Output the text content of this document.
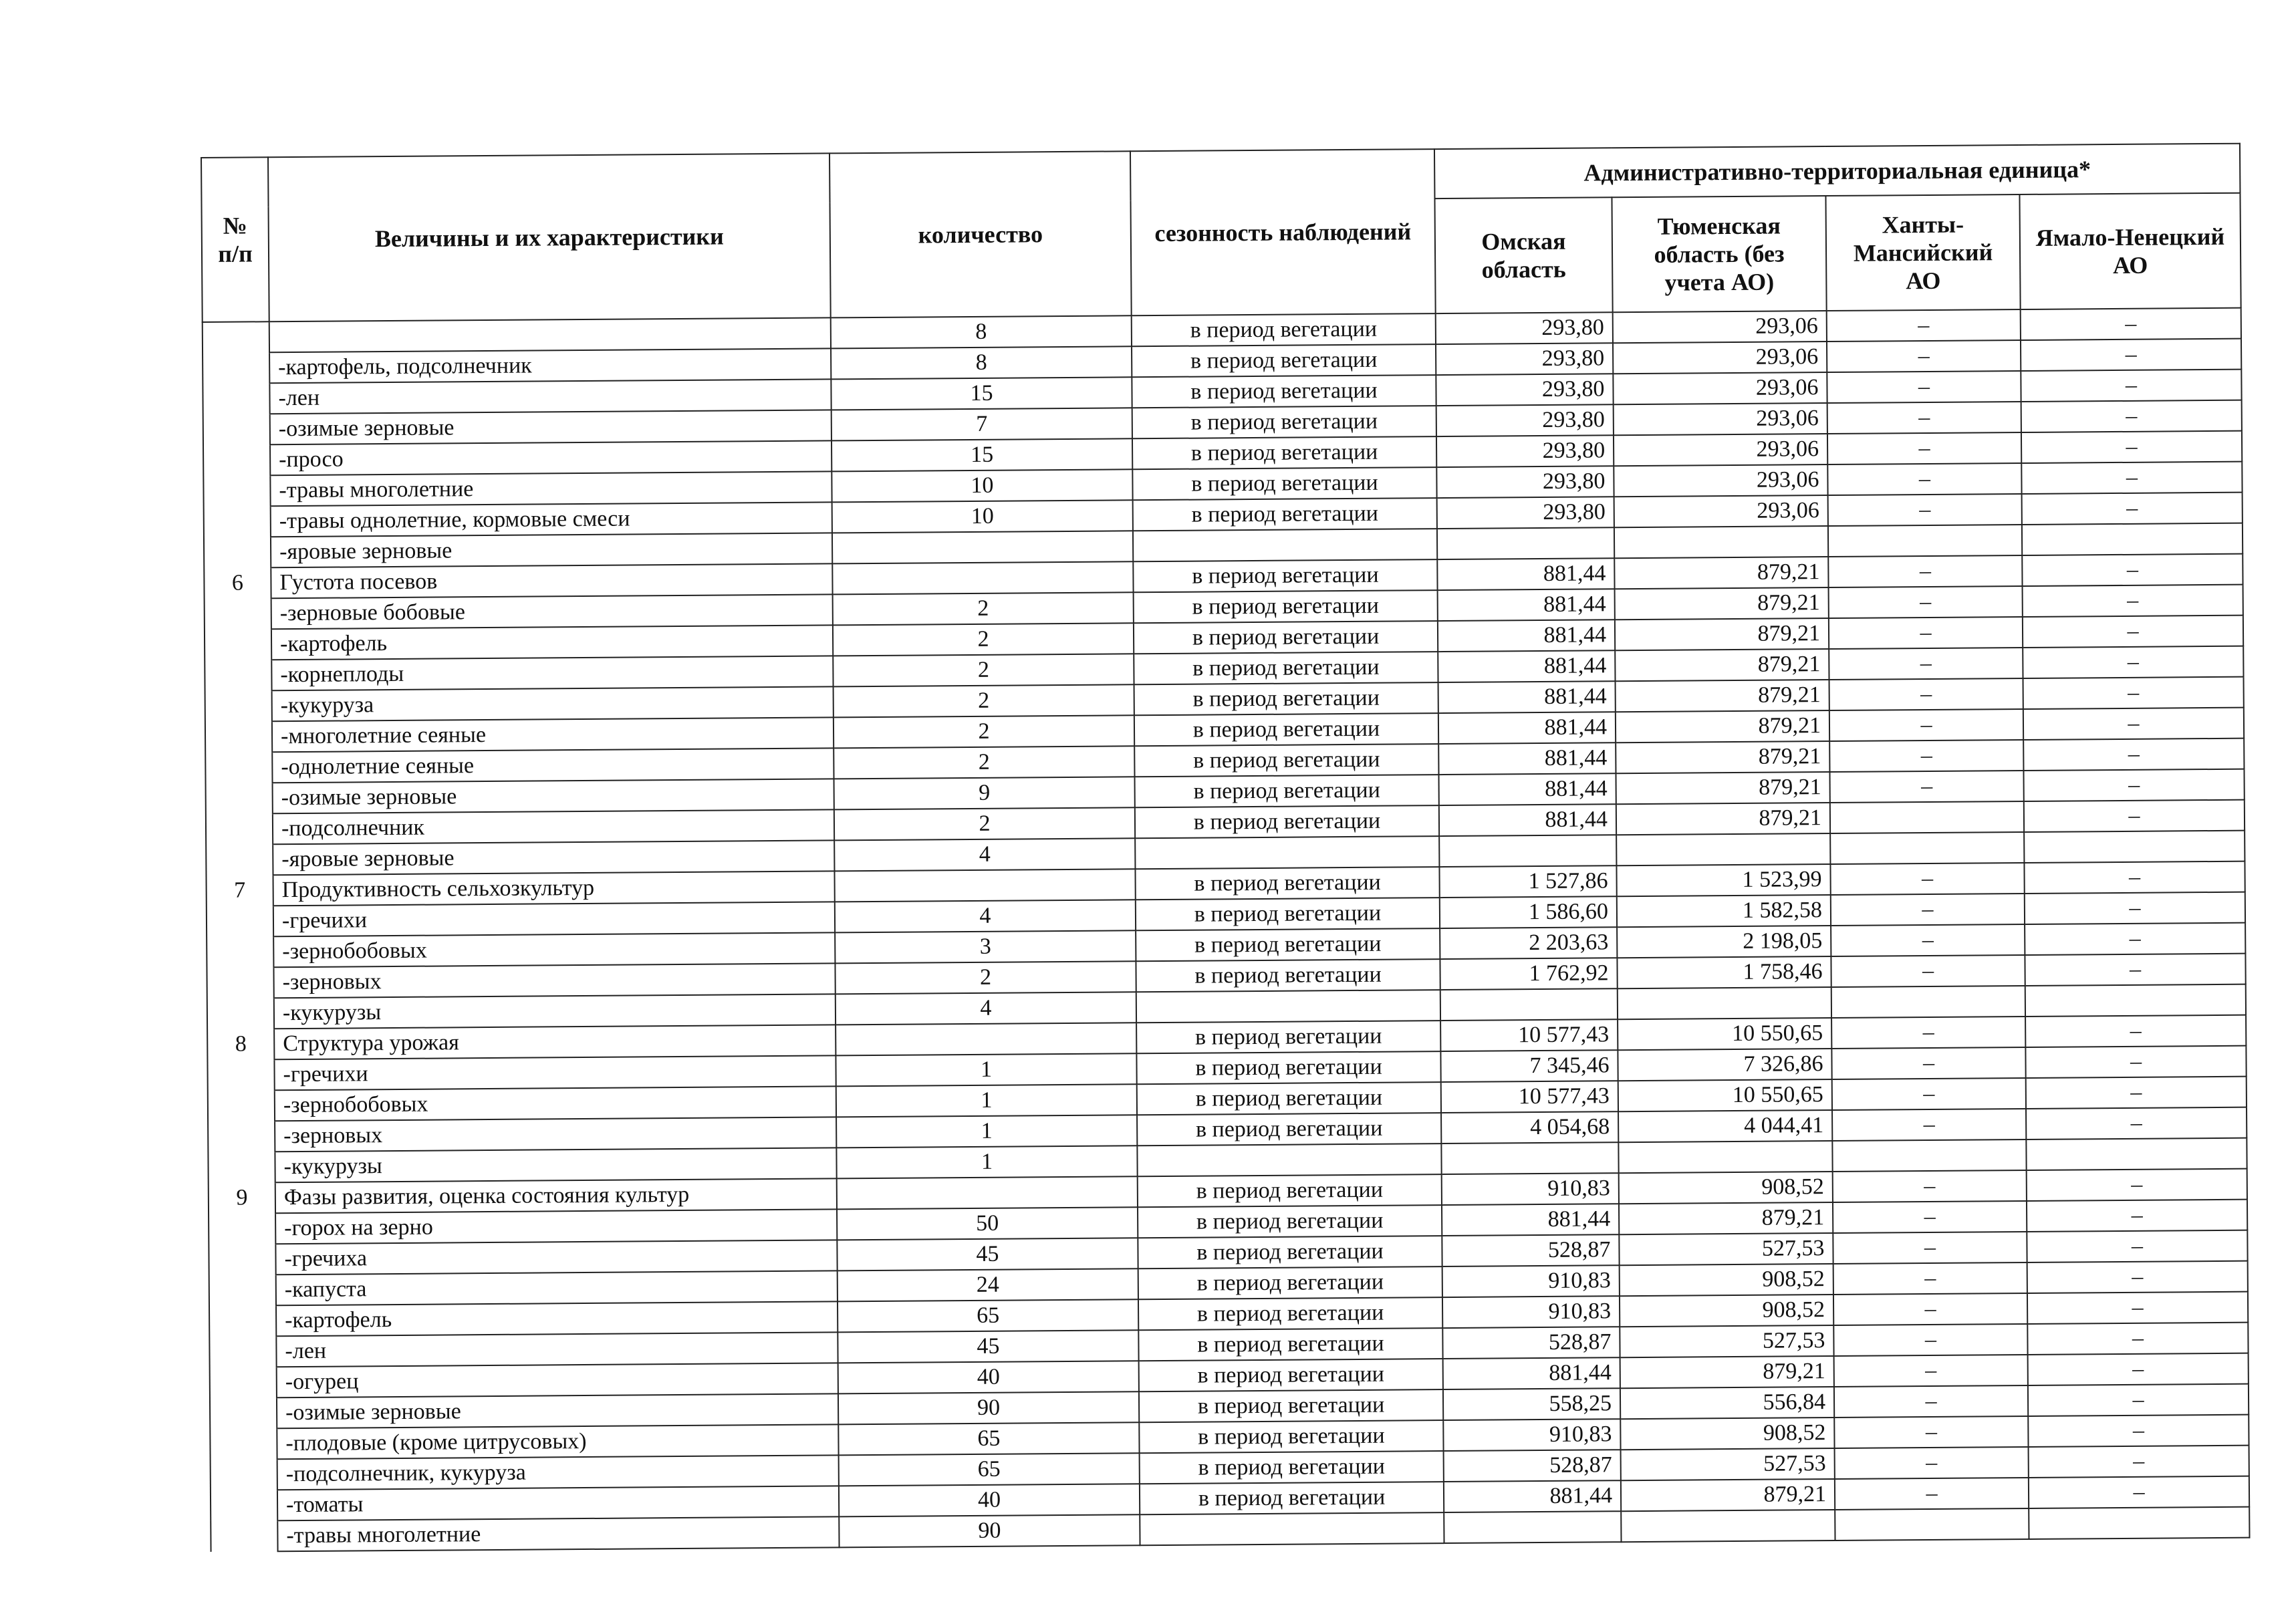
№ п/п	Величины и их характеристики	количество	сезонность наблюдений	Административно-территориальная единица*			
				Омская область	Тюменская область (без учета АО)	Ханты-Мансийский АО	Ямало-Ненецкий АО
		8	в период вегетации	293,80	293,06	–	–
	-картофель, подсолнечник	8	в период вегетации	293,80	293,06	–	–
	-лен	15	в период вегетации	293,80	293,06	–	–
	-озимые зерновые	7	в период вегетации	293,80	293,06	–	–
	-просо	15	в период вегетации	293,80	293,06	–	–
	-травы многолетние	10	в период вегетации	293,80	293,06	–	–
	-травы однолетние, кормовые смеси	10	в период вегетации	293,80	293,06	–	–
	-яровые зерновые						
6	Густота посевов		в период вегетации	881,44	879,21	–	–
	-зерновые бобовые	2	в период вегетации	881,44	879,21	–	–
	-картофель	2	в период вегетации	881,44	879,21	–	–
	-корнеплоды	2	в период вегетации	881,44	879,21	–	–
	-кукуруза	2	в период вегетации	881,44	879,21	–	–
	-многолетние сеяные	2	в период вегетации	881,44	879,21	–	–
	-однолетние сеяные	2	в период вегетации	881,44	879,21	–	–
	-озимые зерновые	9	в период вегетации	881,44	879,21	–	–
	-подсолнечник	2	в период вегетации	881,44	879,21		–
	-яровые зерновые	4					
7	Продуктивность сельхозкультур		в период вегетации	1 527,86	1 523,99	–	–
	-гречихи	4	в период вегетации	1 586,60	1 582,58	–	–
	-зернобобовых	3	в период вегетации	2 203,63	2 198,05	–	–
	-зерновых	2	в период вегетации	1 762,92	1 758,46	–	–
	-кукурузы	4					
8	Структура урожая		в период вегетации	10 577,43	10 550,65	–	–
	-гречихи	1	в период вегетации	7 345,46	7 326,86	–	–
	-зернобобовых	1	в период вегетации	10 577,43	10 550,65	–	–
	-зерновых	1	в период вегетации	4 054,68	4 044,41	–	–
	-кукурузы	1					
9	Фазы развития, оценка состояния культур		в период вегетации	910,83	908,52	–	–
	-горох на зерно	50	в период вегетации	881,44	879,21	–	–
	-гречиха	45	в период вегетации	528,87	527,53	–	–
	-капуста	24	в период вегетации	910,83	908,52	–	–
	-картофель	65	в период вегетации	910,83	908,52	–	–
	-лен	45	в период вегетации	528,87	527,53	–	–
	-огурец	40	в период вегетации	881,44	879,21	–	–
	-озимые зерновые	90	в период вегетации	558,25	556,84	–	–
	-плодовые (кроме цитрусовых)	65	в период вегетации	910,83	908,52	–	–
	-подсолнечник, кукуруза	65	в период вегетации	528,87	527,53	–	–
	-томаты	40	в период вегетации	881,44	879,21	–	–
	-травы многолетние	90					
